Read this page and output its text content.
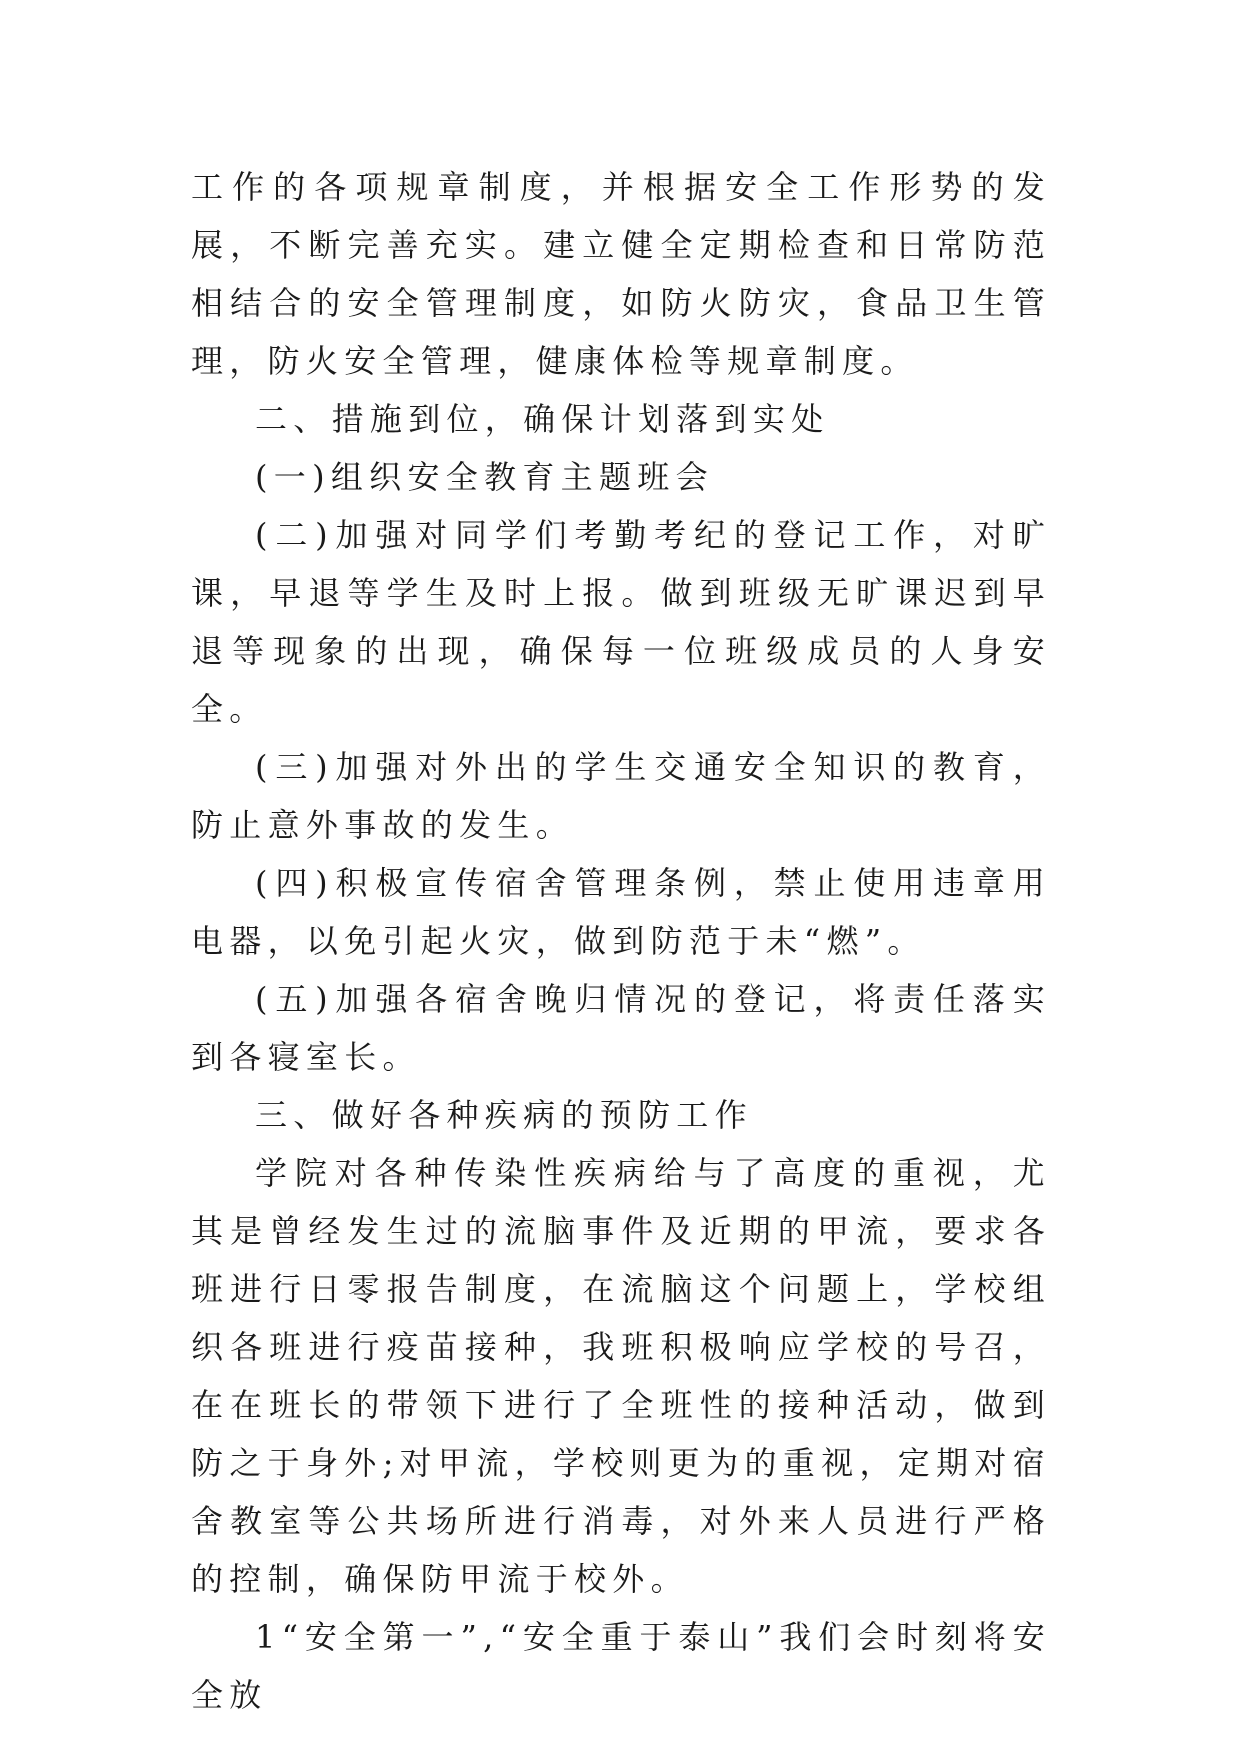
工作的各项规章制度，并根据安全工作形势的发展，不断完善充实。建立健全定期检查和日常防范相结合的安全管理制度，如防火防灾，食品卫生管理，防火安全管理，健康体检等规章制度。

二、措施到位，确保计划落到实处

(一)组织安全教育主题班会

(二)加强对同学们考勤考纪的登记工作，对旷课，早退等学生及时上报。做到班级无旷课迟到早退等现象的出现，确保每一位班级成员的人身安全。

(三)加强对外出的学生交通安全知识的教育，防止意外事故的发生。

(四)积极宣传宿舍管理条例，禁止使用违章用电器，以免引起火灾，做到防范于未“燃”。

(五)加强各宿舍晚归情况的登记，将责任落实到各寝室长。

三、做好各种疾病的预防工作

学院对各种传染性疾病给与了高度的重视，尤其是曾经发生过的流脑事件及近期的甲流，要求各班进行日零报告制度，在流脑这个问题上，学校组织各班进行疫苗接种，我班积极响应学校的号召，在在班长的带领下进行了全班性的接种活动，做到防之于身外;对甲流，学校则更为的重视，定期对宿舍教室等公共场所进行消毒，对外来人员进行严格的控制，确保防甲流于校外。

1“安全第一”,“安全重于泰山”我们会时刻将安全放
